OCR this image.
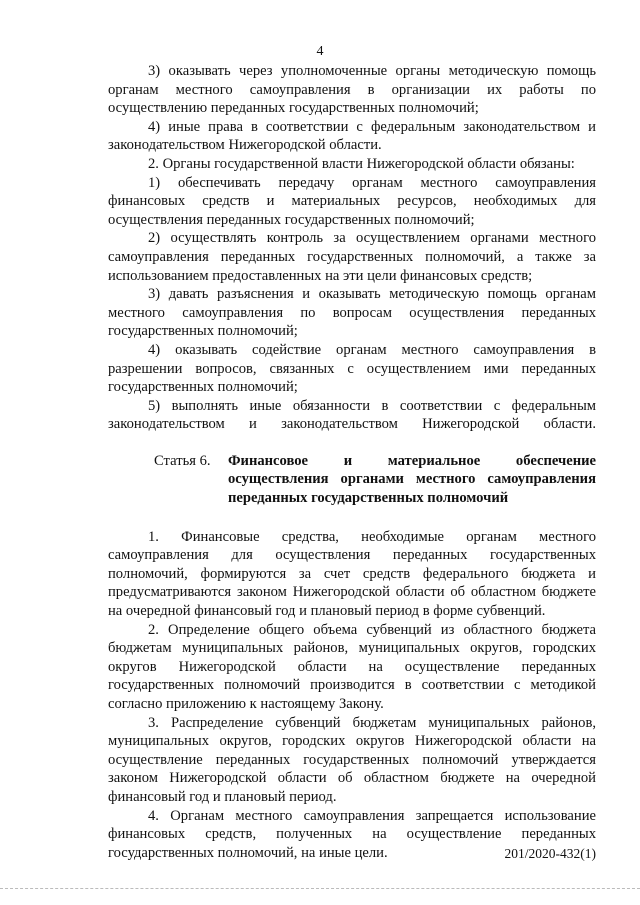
4

3) оказывать через уполномоченные органы методическую помощь органам местного самоуправления в организации их работы по осуществлению переданных государственных полномочий;

4) иные права в соответствии с федеральным законодательством и законодательством Нижегородской области.

2. Органы государственной власти Нижегородской области обязаны:

1) обеспечивать передачу органам местного самоуправления финансовых средств и материальных ресурсов, необходимых для осуществления переданных государственных полномочий;

2) осуществлять контроль за осуществлением органами местного самоуправления переданных государственных полномочий, а также за использованием предоставленных на эти цели финансовых средств;

3) давать разъяснения и оказывать методическую помощь органам местного самоуправления по вопросам осуществления переданных государственных полномочий;

4) оказывать содействие органам местного самоуправления в разрешении вопросов, связанных с осуществлением ими переданных государственных полномочий;

5) выполнять иные обязанности в соответствии с федеральным законодательством и законодательством Нижегородской области.

Статья 6.	Финансовое и материальное обеспечение осуществления органами местного самоуправления переданных государственных полномочий

1. Финансовые средства, необходимые органам местного самоуправления для осуществления переданных государственных полномочий, формируются за счет средств федерального бюджета и предусматриваются законом Нижегородской области об областном бюджете на очередной финансовый год и плановый период в форме субвенций.

2. Определение общего объема субвенций из областного бюджета бюджетам муниципальных районов, муниципальных округов, городских округов Нижегородской области на осуществление переданных государственных полномочий производится в соответствии с методикой согласно приложению к настоящему Закону.

3. Распределение субвенций бюджетам муниципальных районов, муниципальных округов, городских округов Нижегородской области на осуществление переданных государственных полномочий утверждается законом Нижегородской области об областном бюджете на очередной финансовый год и плановый период.

4. Органам местного самоуправления запрещается использование финансовых средств, полученных на осуществление переданных государственных полномочий, на иные цели.	201/2020-432(1)
